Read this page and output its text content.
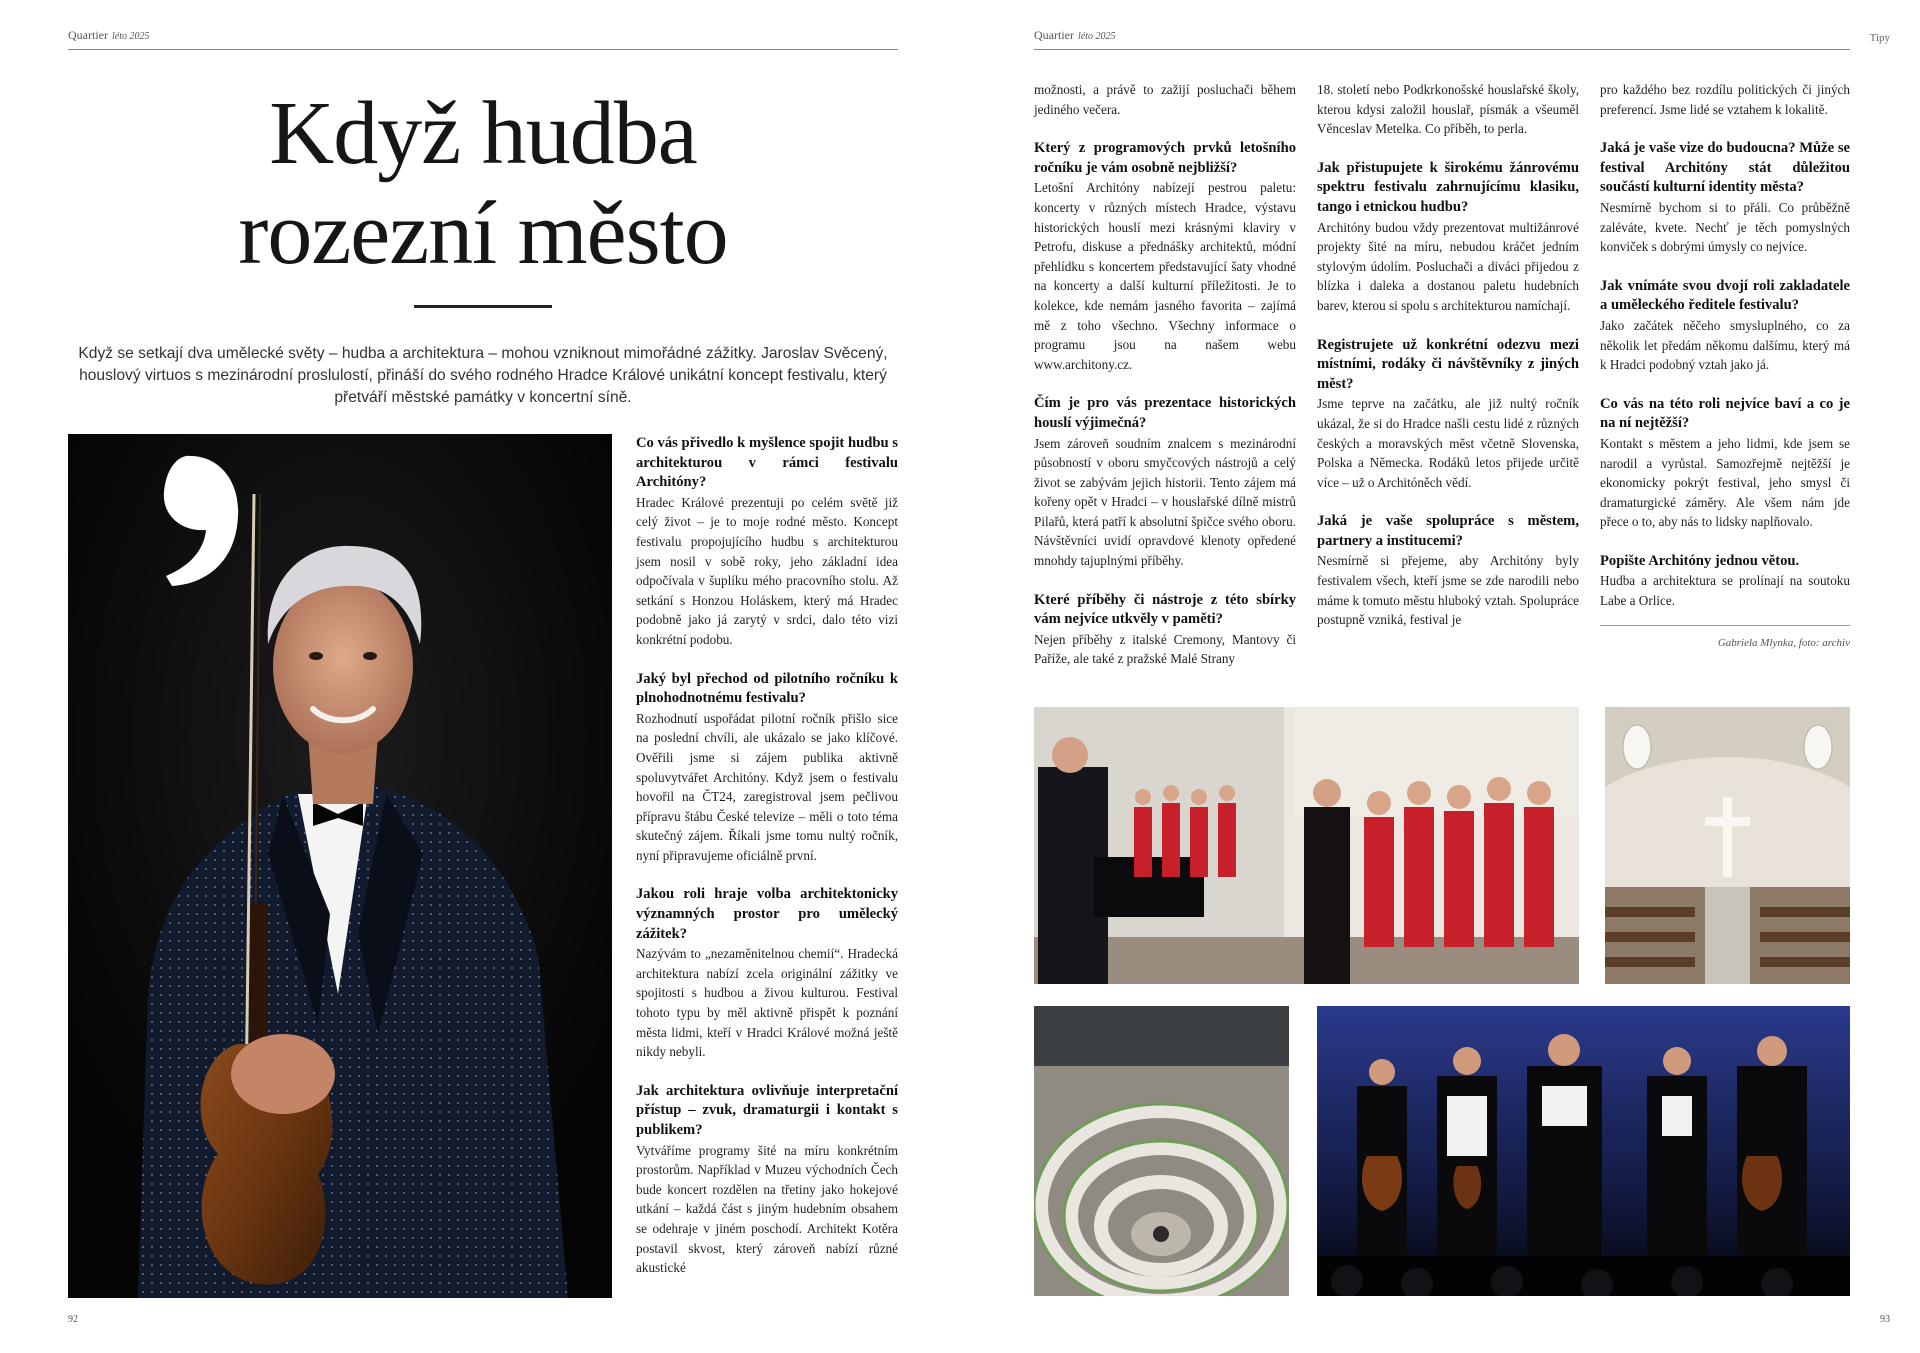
Quartier léto 2025
Když hudba
rozezní město

Když se setkají dva umělecké světy – hudba a architektura – mohou vzniknout mimořádné zážitky. Jaroslav Svěcený, houslový virtuos s mezinárodní proslulostí, přináší do svého rodného Hradce Králové unikátní koncept festivalu, který přetváří městské památky v koncertní síně.

Co vás přivedlo k myšlence spojit hudbu s architekturou v rámci festivalu Architóny?

Hradec Králové prezentuji po celém světě již celý život – je to moje rodné město. Koncept festivalu propojujícího hudbu s architekturou jsem nosil v sobě roky, jeho základní idea odpočívala v šuplíku mého pracovního stolu. Až setkání s Honzou Holáskem, který má Hradec podobně jako já zarytý v srdci, dalo této vizi konkrétní podobu.

Jaký byl přechod od pilotního ročníku k plnohodnotnému festivalu?

Rozhodnutí uspořádat pilotní ročník přišlo sice na poslední chvíli, ale ukázalo se jako klíčové. Ověřili jsme si zájem publika aktivně spoluvytvářet Architóny. Když jsem o festivalu hovořil na ČT24, zaregistroval jsem pečlivou přípravu štábu České televize – měli o toto téma skutečný zájem. Říkali jsme tomu nultý ročník, nyní připravujeme oficiálně první.

Jakou roli hraje volba architektonicky významných prostor pro umělecký zážitek?

Nazývám to „nezaměnitelnou chemií“. Hradecká architektura nabízí zcela originální zážitky ve spojitosti s hudbou a živou kulturou. Festival tohoto typu by měl aktivně přispět k poznání města lidmi, kteří v Hradci Králové možná ještě nikdy nebyli.

Jak architektura ovlivňuje interpretační přístup – zvuk, dramaturgii i kontakt s publikem?

Vytváříme programy šité na míru konkrétním prostorům. Například v Muzeu východních Čech bude koncert rozdělen na třetiny jako hokejové utkání – každá část s jiným hudebním obsahem se odehraje v jiném poschodí. Architekt Kotěra postavil skvost, který zároveň nabízí různé akustické

92
Quartier léto 2025	Tipy

možnosti, a právě to zažijí posluchači během jediného večera.

Který z programových prvků letošního ročníku je vám osobně nejbližší?

Letošní Architóny nabízejí pestrou paletu: koncerty v různých místech Hradce, výstavu historických houslí mezi krásnými klaviry v Petrofu, diskuse a přednášky architektů, módní přehlídku s koncertem představující šaty vhodné na koncerty a další kulturní příležitosti. Je to kolekce, kde nemám jasného favorita – zajímá mě z toho všechno. Všechny informace o programu jsou na našem webu www.architony.cz.

Čím je pro vás prezentace historických houslí výjimečná?

Jsem zároveň soudním znalcem s mezinárodní působností v oboru smyčcových nástrojů a celý život se zabývám jejich historii. Tento zájem má kořeny opět v Hradci – v houslařské dílně mistrů Pilařů, která patří k absolutní špičce svého oboru. Návštěvníci uvidí opravdové klenoty opředené mnohdy tajuplnými příběhy.

Které příběhy či nástroje z této sbírky vám nejvíce utkvěly v paměti?

Nejen příběhy z italské Cremony, Mantovy či Paříže, ale také z pražské Malé Strany

18. století nebo Podkrkonošské houslařské školy, kterou kdysi založil houslař, písmák a všeuměl Věnceslav Metelka. Co příběh, to perla.

Jak přistupujete k širokému žánrovému spektru festivalu zahrnujícímu klasiku, tango i etnickou hudbu?

Architóny budou vždy prezentovat multižánrové projekty šité na míru, nebudou kráčet jedním stylovým údolím. Posluchači a diváci přijedou z blízka i daleka a dostanou paletu hudebních barev, kterou si spolu s architekturou namíchají.

Registrujete už konkrétní odezvu mezi místními, rodáky či návštěvníky z jiných měst?

Jsme teprve na začátku, ale již nultý ročník ukázal, že si do Hradce našli cestu lidé z různých českých a moravských měst včetně Slovenska, Polska a Německa. Rodáků letos přijede určitě více – už o Architóněch vědí.

Jaká je vaše spolupráce s městem, partnery a institucemi?

Nesmírně si přejeme, aby Architóny byly festivalem všech, kteří jsme se zde narodili nebo máme k tomuto městu hluboký vztah. Spolupráce postupně vzniká, festival je

pro každého bez rozdílu politických či jiných preferencí. Jsme lidé se vztahem k lokalitě.

Jaká je vaše vize do budoucna? Může se festival Architóny stát důležitou součástí kulturní identity města?

Nesmírně bychom si to přáli. Co průběžně zaléváte, kvete. Nechť je těch pomyslných konviček s dobrými úmysly co nejvíce.

Jak vnímáte svou dvojí roli zakladatele a uměleckého ředitele festivalu?

Jako začátek něčeho smysluplného, co za několik let předám někomu dalšímu, který má k Hradci podobný vztah jako já.

Co vás na této roli nejvíce baví a co je na ní nejtěžší?

Kontakt s městem a jeho lidmi, kde jsem se narodil a vyrůstal. Samozřejmě nejtěžší je ekonomicky pokrýt festival, jeho smysl či dramaturgické záměry. Ale všem nám jde přece o to, aby nás to lidsky naplňovalo.

Popište Architóny jednou větou.

Hudba a architektura se prolínají na soutoku Labe a Orlice.

Gabriela Mlynka, foto: archiv
93
